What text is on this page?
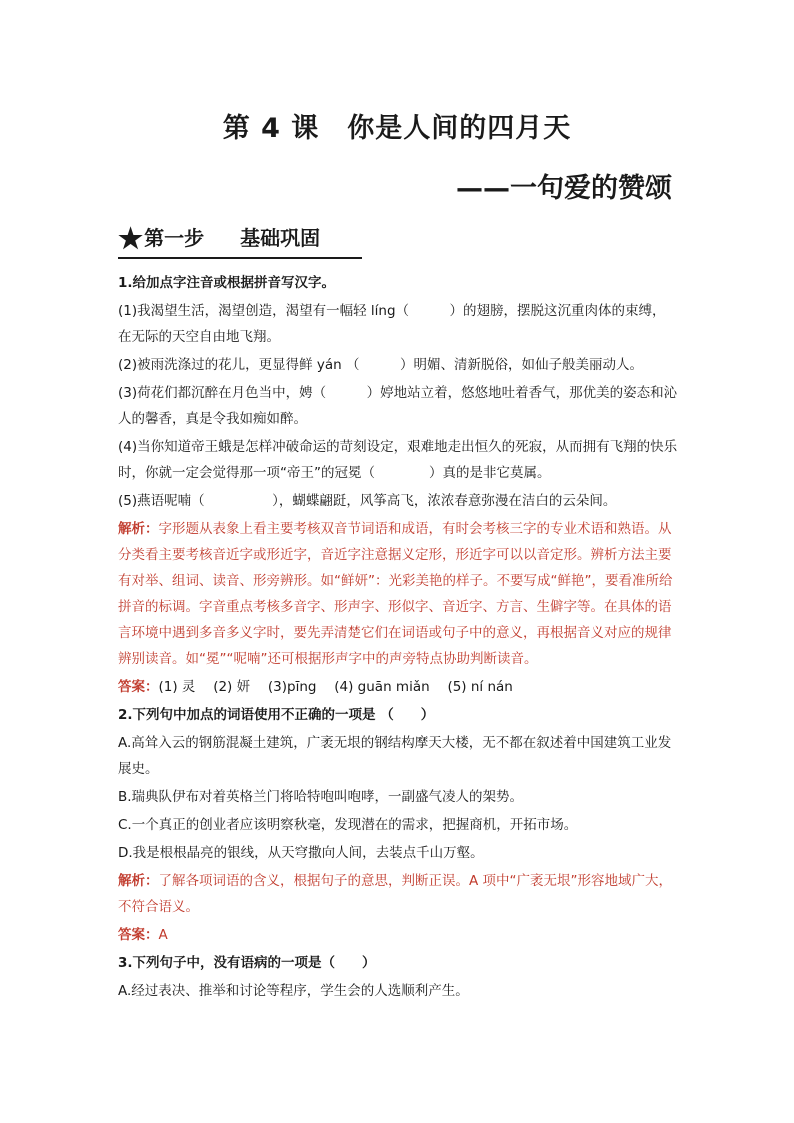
第 4 课　你是人间的四月天
——一句爱的赞颂
★第一步 基础巩固

1.给加点字注音或根据拼音写汉字。

(1)我渴望生活，渴望创造，渴望有一幅轻 líng（　　　）的翅膀，摆脱这沉重肉体的束缚，在无际的天空自由地飞翔。

(2)被雨洗涤过的花儿，更显得鲜 yán （　　　）明媚、清新脱俗，如仙子般美丽动人。

(3)荷花们都沉醉在月色当中，娉（　　　）婷地站立着，悠悠地吐着香气，那优美的姿态和沁人的馨香，真是令我如痴如醉。

(4)当你知道帝王蛾是怎样冲破命运的苛刻设定，艰难地走出恒久的死寂，从而拥有飞翔的快乐时，你就一定会觉得那一项“帝王”的冠冕（　　　　）真的是非它莫属。

(5)燕语呢喃（　　　　　），蝴蝶翩跹，风筝高飞，浓浓春意弥漫在洁白的云朵间。

解析：字形题从表象上看主要考核双音节词语和成语，有时会考核三字的专业术语和熟语。从分类看主要考核音近字或形近字，音近字注意据义定形，形近字可以以音定形。辨析方法主要有对举、组词、读音、形旁辨形。如“鲜妍”：光彩美艳的样子。不要写成“鲜艳”，要看准所给拼音的标调。字音重点考核多音字、形声字、形似字、音近字、方言、生僻字等。在具体的语言环境中遇到多音多义字时，要先弄清楚它们在词语或句子中的意义，再根据音义对应的规律辨别读音。如“冕”“呢喃”还可根据形声字中的声旁特点协助判断读音。

答案：(1) 灵　 (2) 妍　 (3)pīng　 (4) guān miǎn　 (5) ní nán

2.下列句中加点的词语使用不正确的一项是 （　　）

A.高耸入云的钢筋混凝土建筑，广袤无垠的钢结构摩天大楼，无不都在叙述着中国建筑工业发展史。

B.瑞典队伊布对着英格兰门将哈特咆叫咆哮，一副盛气凌人的架势。

C.一个真正的创业者应该明察秋毫，发现潜在的需求，把握商机，开拓市场。

D.我是根根晶亮的银线，从天穹撒向人间，去装点千山万壑。

解析：了解各项词语的含义，根据句子的意思，判断正误。A 项中“广袤无垠”形容地域广大，不符合语义。

答案：A

3.下列句子中，没有语病的一项是（　　）

A.经过表决、推举和讨论等程序，学生会的人选顺利产生。
